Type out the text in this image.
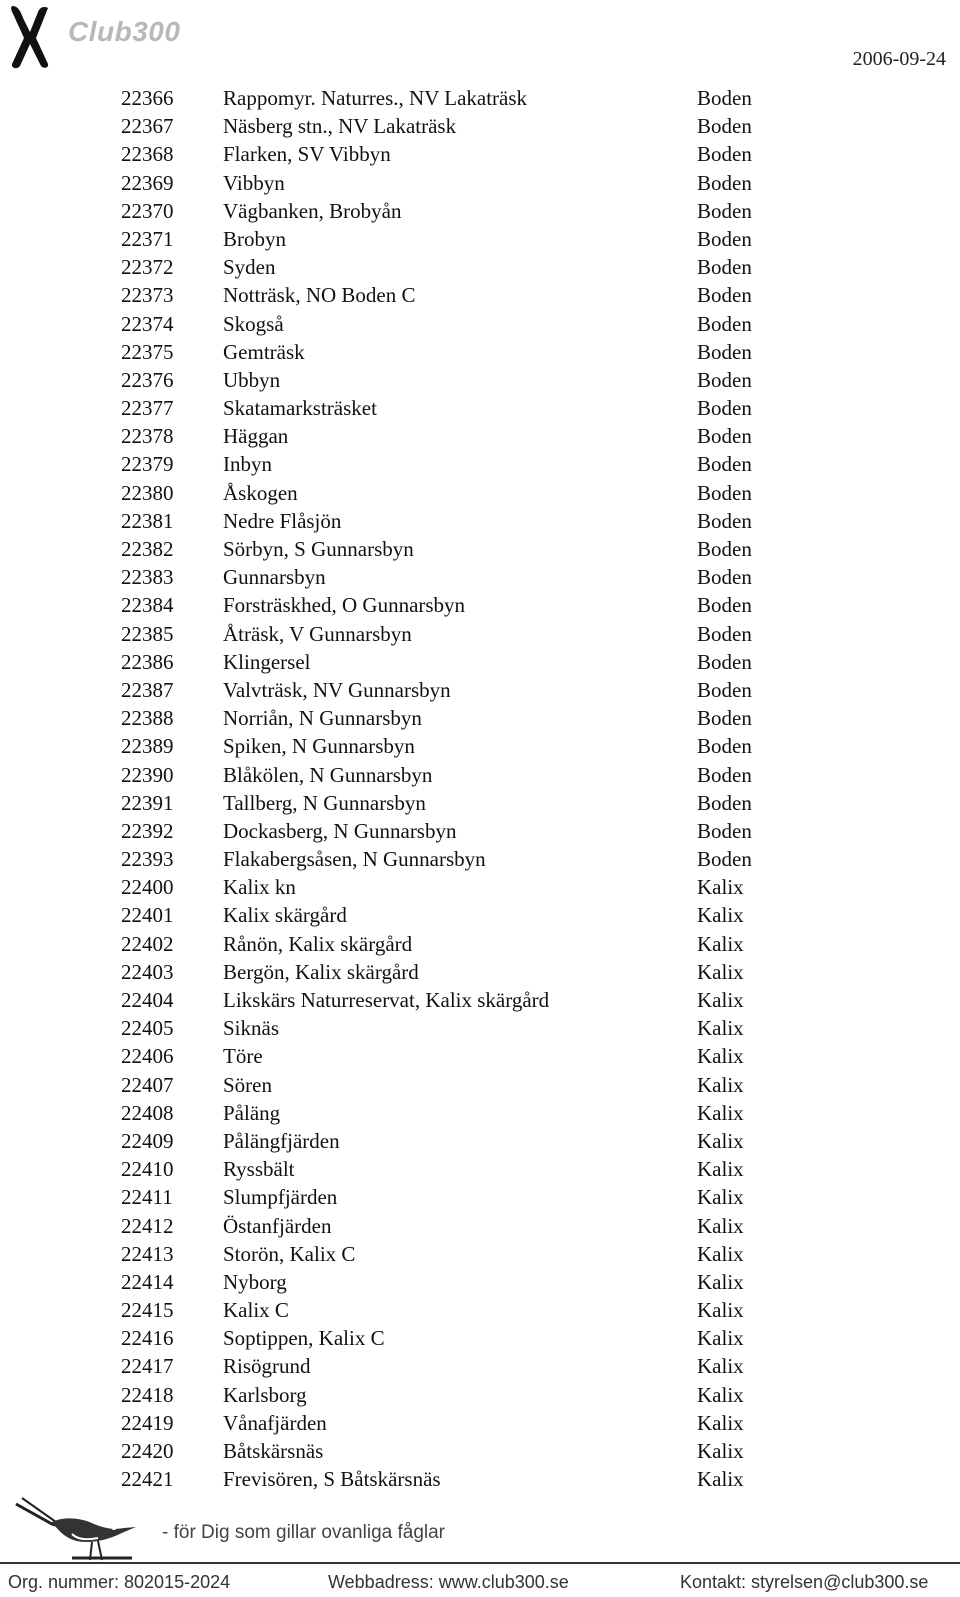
Club300
2006-09-24
22366 Rappomyr. Naturres., NV Lakaträsk	Boden
22367 Näsberg stn., NV Lakaträsk	Boden
22368 Flarken, SV Vibbyn	Boden
22369 Vibbyn	Boden
22370 Vägbanken, Brobyån	Boden
22371 Brobyn	Boden
22372 Syden	Boden
22373 Notträsk, NO Boden C	Boden
22374 Skogså	Boden
22375 Gemträsk	Boden
22376 Ubbyn	Boden
22377 Skatamarksträsket	Boden
22378 Häggan	Boden
22379 Inbyn	Boden
22380 Åskogen	Boden
22381 Nedre Flåsjön	Boden
22382 Sörbyn, S Gunnarsbyn	Boden
22383 Gunnarsbyn	Boden
22384 Forsträskhed, O Gunnarsbyn	Boden
22385 Åträsk, V Gunnarsbyn	Boden
22386 Klingersel	Boden
22387 Valvträsk, NV Gunnarsbyn	Boden
22388 Norriån, N Gunnarsbyn	Boden
22389 Spiken, N Gunnarsbyn	Boden
22390 Blåkölen, N Gunnarsbyn	Boden
22391 Tallberg, N Gunnarsbyn	Boden
22392 Dockasberg, N Gunnarsbyn	Boden
22393 Flakabergsåsen, N Gunnarsbyn	Boden
22400 Kalix kn	Kalix
22401 Kalix skärgård	Kalix
22402 Rånön, Kalix skärgård	Kalix
22403 Bergön, Kalix skärgård	Kalix
22404 Likskärs Naturreservat, Kalix skärgård	Kalix
22405 Siknäs	Kalix
22406 Töre	Kalix
22407 Sören	Kalix
22408 Påläng	Kalix
22409 Pålängfjärden	Kalix
22410 Ryssbält	Kalix
22411 Slumpfjärden	Kalix
22412 Östanfjärden	Kalix
22413 Storön, Kalix C	Kalix
22414 Nyborg	Kalix
22415 Kalix C	Kalix
22416 Soptippen, Kalix C	Kalix
22417 Risögrund	Kalix
22418 Karlsborg	Kalix
22419 Vånafjärden	Kalix
22420 Båtskärsnäs	Kalix
22421 Frevisören, S Båtskärsnäs	Kalix
- för Dig som gillar ovanliga fåglar
Org. nummer: 802015-2024	Webbadress: www.club300.se	Kontakt: styrelsen@club300.se
